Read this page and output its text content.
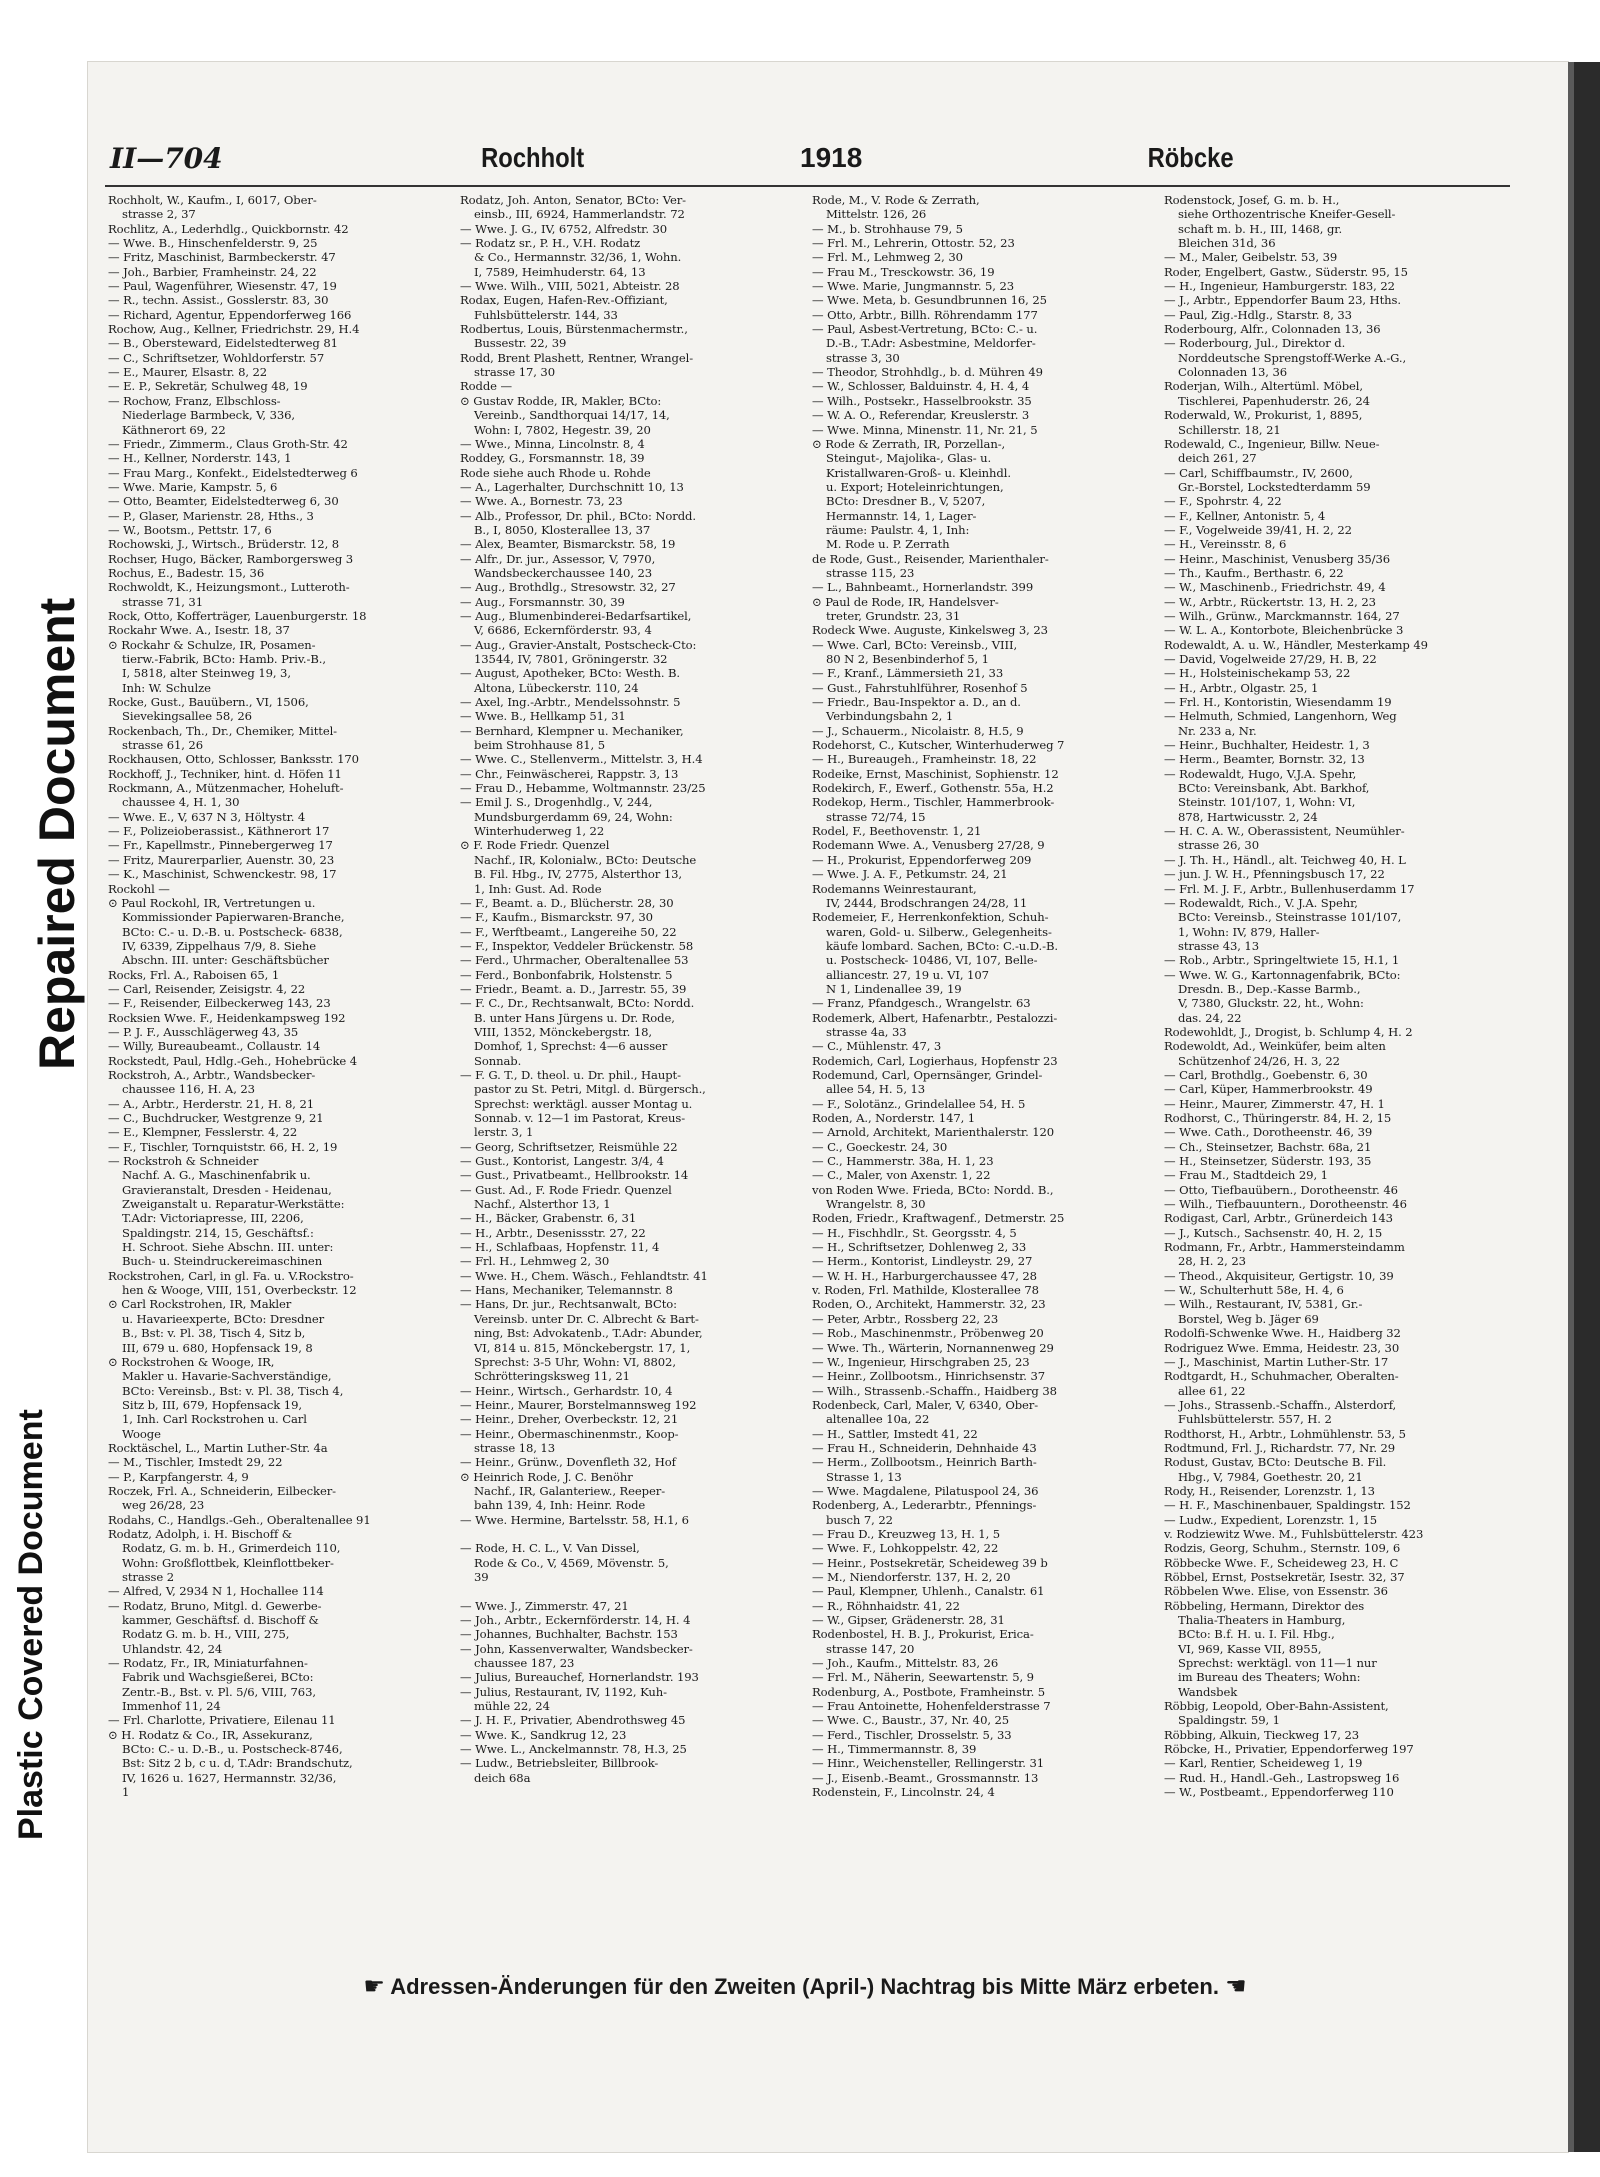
Repaired Document
Plastic Covered Document
II—704	Rochholt	1918	Röbcke

Rochholt, W., Kaufm., I, 6017, Ober-

strasse 2, 37

Rochlitz, A., Lederhdlg., Quickbornstr. 42

— Wwe. B., Hinschenfelderstr. 9, 25

— Fritz, Maschinist, Barmbeckerstr. 47

— Joh., Barbier, Framheinstr. 24, 22

— Paul, Wagenführer, Wiesenstr. 47, 19

— R., techn. Assist., Gosslerstr. 83, 30

— Richard, Agentur, Eppendorferweg 166

Rochow, Aug., Kellner, Friedrichstr. 29, H.4

— B., Obersteward, Eidelstedterweg 81

— C., Schriftsetzer, Wohldorferstr. 57

— E., Maurer, Elsastr. 8, 22

— E. P., Sekretär, Schulweg 48, 19

— Rochow, Franz, Elbschloss-

Niederlage Barmbeck, V, 336,

Käthnerort 69, 22

— Friedr., Zimmerm., Claus Groth-Str. 42

— H., Kellner, Norderstr. 143, 1

— Frau Marg., Konfekt., Eidelstedterweg 6

— Wwe. Marie, Kampstr. 5, 6

— Otto, Beamter, Eidelstedterweg 6, 30

— P., Glaser, Marienstr. 28, Hths., 3

— W., Bootsm., Pettstr. 17, 6

Rochowski, J., Wirtsch., Brüderstr. 12, 8

Rochser, Hugo, Bäcker, Ramborgersweg 3

Rochus, E., Badestr. 15, 36

Rochwoldt, K., Heizungsmont., Lutteroth-

strasse 71, 31

Rock, Otto, Kofferträger, Lauenburgerstr. 18

Rockahr Wwe. A., Isestr. 18, 37

⊙ Rockahr & Schulze, IR, Posamen-

tierw.-Fabrik, BCto: Hamb. Priv.-B.,

I, 5818, alter Steinweg 19, 3,

Inh: W. Schulze

Rocke, Gust., Bauübern., VI, 1506,

Sievekingsallee 58, 26

Rockenbach, Th., Dr., Chemiker, Mittel-

strasse 61, 26

Rockhausen, Otto, Schlosser, Banksstr. 170

Rockhoff, J., Techniker, hint. d. Höfen 11

Rockmann, A., Mützenmacher, Hoheluft-

chaussee 4, H. 1, 30

— Wwe. E., V, 637 N 3, Höltystr. 4

— F., Polizeioberassist., Käthnerort 17

— Fr., Kapellmstr., Pinnebergerweg 17

— Fritz, Maurerparlier, Auenstr. 30, 23

— K., Maschinist, Schwenckestr. 98, 17

Rockohl —

⊙ Paul Rockohl, IR, Vertretungen u.

Kommissionder Papierwaren-Branche,

BCto: C.- u. D.-B. u. Postscheck- 6838,

IV, 6339, Zippelhaus 7/9, 8. Siehe

Abschn. III. unter: Geschäftsbücher

Rocks, Frl. A., Raboisen 65, 1

— Carl, Reisender, Zeisigstr. 4, 22

— F., Reisender, Eilbeckerweg 143, 23

Rocksien Wwe. F., Heidenkampsweg 192

— P. J. F., Ausschlägerweg 43, 35

— Willy, Bureaubeamt., Collaustr. 14

Rockstedt, Paul, Hdlg.-Geh., Hohebrücke 4

Rockstroh, A., Arbtr., Wandsbecker-

chaussee 116, H. A, 23

— A., Arbtr., Herderstr. 21, H. 8, 21

— C., Buchdrucker, Westgrenze 9, 21

— E., Klempner, Fesslerstr. 4, 22

— F., Tischler, Tornquiststr. 66, H. 2, 19

— Rockstroh & Schneider

Nachf. A. G., Maschinenfabrik u.

Gravieranstalt, Dresden - Heidenau,

Zweiganstalt u. Reparatur-Werkstätte:

T.Adr: Victoriapresse, III, 2206,

Spaldingstr. 214, 15, Geschäftsf.:

H. Schroot. Siehe Abschn. III. unter:

Buch- u. Steindruckereimaschinen

Rockstrohen, Carl, in gl. Fa. u. V.Rockstro-

hen & Wooge, VIII, 151, Overbeckstr. 12

⊙ Carl Rockstrohen, IR, Makler

u. Havarieexperte, BCto: Dresdner

B., Bst: v. Pl. 38, Tisch 4, Sitz b,

III, 679 u. 680, Hopfensack 19, 8

⊙ Rockstrohen & Wooge, IR,

Makler u. Havarie-Sachverständige,

BCto: Vereinsb., Bst: v. Pl. 38, Tisch 4,

Sitz b, III, 679, Hopfensack 19,

1, Inh. Carl Rockstrohen u. Carl

Wooge

Rocktäschel, L., Martin Luther-Str. 4a

— M., Tischler, Imstedt 29, 22

— P., Karpfangerstr. 4, 9

Roczek, Frl. A., Schneiderin, Eilbecker-

weg 26/28, 23

Rodahs, C., Handlgs.-Geh., Oberaltenallee 91

Rodatz, Adolph, i. H. Bischoff &

Rodatz, G. m. b. H., Grimerdeich 110,

Wohn: Großflottbek, Kleinflottbeker-

strasse 2

— Alfred, V, 2934 N 1, Hochallee 114

— Rodatz, Bruno, Mitgl. d. Gewerbe-

kammer, Geschäftsf. d. Bischoff &

Rodatz G. m. b. H., VIII, 275,

Uhlandstr. 42, 24

— Rodatz, Fr., IR, Miniaturfahnen-

Fabrik und Wachsgießerei, BCto:

Zentr.-B., Bst. v. Pl. 5/6, VIII, 763,

Immenhof 11, 24

— Frl. Charlotte, Privatiere, Eilenau 11

⊙ H. Rodatz & Co., IR, Assekuranz,

BCto: C.- u. D.-B., u. Postscheck-8746,

Bst: Sitz 2 b, c u. d, T.Adr: Brandschutz,

IV, 1626 u. 1627, Hermannstr. 32/36,

1

Rodatz, Joh. Anton, Senator, BCto: Ver-

einsb., III, 6924, Hammerlandstr. 72

— Wwe. J. G., IV, 6752, Alfredstr. 30

— Rodatz sr., P. H., V.H. Rodatz

& Co., Hermannstr. 32/36, 1, Wohn.

I, 7589, Heimhuderstr. 64, 13

— Wwe. Wilh., VIII, 5021, Abteistr. 28

Rodax, Eugen, Hafen-Rev.-Offiziant,

Fuhlsbüttelerstr. 144, 33

Rodbertus, Louis, Bürstenmachermstr.,

Bussestr. 22, 39

Rodd, Brent Plashett, Rentner, Wrangel-

strasse 17, 30

Rodde —

⊙ Gustav Rodde, IR, Makler, BCto:

Vereinb., Sandthorquai 14/17, 14,

Wohn: I, 7802, Hegestr. 39, 20

— Wwe., Minna, Lincolnstr. 8, 4

Roddey, G., Forsmannstr. 18, 39

Rode siehe auch Rhode u. Rohde

— A., Lagerhalter, Durchschnitt 10, 13

— Wwe. A., Bornestr. 73, 23

— Alb., Professor, Dr. phil., BCto: Nordd.

B., I, 8050, Klosterallee 13, 37

— Alex, Beamter, Bismarckstr. 58, 19

— Alfr., Dr. jur., Assessor, V, 7970,

Wandsbeckerchaussee 140, 23

— Aug., Brothdlg., Stresowstr. 32, 27

— Aug., Forsmannstr. 30, 39

— Aug., Blumenbinderei-Bedarfsartikel,

V, 6686, Eckernförderstr. 93, 4

— Aug., Gravier-Anstalt, Postscheck-Cto:

13544, IV, 7801, Gröningerstr. 32

— August, Apotheker, BCto: Westh. B.

Altona, Lübeckerstr. 110, 24

— Axel, Ing.-Arbtr., Mendelssohnstr. 5

— Wwe. B., Hellkamp 51, 31

— Bernhard, Klempner u. Mechaniker,

beim Strohhause 81, 5

— Wwe. C., Stellenverm., Mittelstr. 3, H.4

— Chr., Feinwäscherei, Rappstr. 3, 13

— Frau D., Hebamme, Woltmannstr. 23/25

— Emil J. S., Drogenhdlg., V, 244,

Mundsburgerdamm 69, 24, Wohn:

Winterhuderweg 1, 22

⊙ F. Rode Friedr. Quenzel

Nachf., IR, Kolonialw., BCto: Deutsche

B. Fil. Hbg., IV, 2775, Alsterthor 13,

1, Inh: Gust. Ad. Rode

— F., Beamt. a. D., Blücherstr. 28, 30

— F., Kaufm., Bismarckstr. 97, 30

— F., Werftbeamt., Langereihe 50, 22

— F., Inspektor, Veddeler Brückenstr. 58

— Ferd., Uhrmacher, Oberaltenallee 53

— Ferd., Bonbonfabrik, Holstenstr. 5

— Friedr., Beamt. a. D., Jarrestr. 55, 39

— F. C., Dr., Rechtsanwalt, BCto: Nordd.

B. unter Hans Jürgens u. Dr. Rode,

VIII, 1352, Mönckebergstr. 18,

Domhof, 1, Sprechst: 4—6 ausser

Sonnab.

— F. G. T., D. theol. u. Dr. phil., Haupt-

pastor zu St. Petri, Mitgl. d. Bürgersch.,

Sprechst: werktägl. ausser Montag u.

Sonnab. v. 12—1 im Pastorat, Kreus-

lerstr. 3, 1

— Georg, Schriftsetzer, Reismühle 22

— Gust., Kontorist, Langestr. 3/4, 4

— Gust., Privatbeamt., Hellbrookstr. 14

— Gust. Ad., F. Rode Friedr. Quenzel

Nachf., Alsterthor 13, 1

— H., Bäcker, Grabenstr. 6, 31

— H., Arbtr., Desenissstr. 27, 22

— H., Schlafbaas, Hopfenstr. 11, 4

— Frl. H., Lehmweg 2, 30

— Wwe. H., Chem. Wäsch., Fehlandtstr. 41

— Hans, Mechaniker, Telemannstr. 8

— Hans, Dr. jur., Rechtsanwalt, BCto:

Vereinsb. unter Dr. C. Albrecht & Bart-

ning, Bst: Advokatenb., T.Adr: Abunder,

VI, 814 u. 815, Mönckebergstr. 17, 1,

Sprechst: 3-5 Uhr, Wohn: VI, 8802,

Schrötteringsksweg 11, 21

— Heinr., Wirtsch., Gerhardstr. 10, 4

— Heinr., Maurer, Borstelmannsweg 192

— Heinr., Dreher, Overbeckstr. 12, 21

— Heinr., Obermaschinenmstr., Koop-

strasse 18, 13

— Heinr., Grünw., Dovenfleth 32, Hof

⊙ Heinrich Rode, J. C. Benöhr

Nachf., IR, Galanteriew., Reeper-

bahn 139, 4, Inh: Heinr. Rode

— Wwe. Hermine, Bartelsstr. 58, H.1, 6

— Rode, H. C. L., V. Van Dissel,

Rode & Co., V, 4569, Mövenstr. 5,

39

— Wwe. J., Zimmerstr. 47, 21

— Joh., Arbtr., Eckernförderstr. 14, H. 4

— Johannes, Buchhalter, Bachstr. 153

— John, Kassenverwalter, Wandsbecker-

chaussee 187, 23

— Julius, Bureauchef, Hornerlandstr. 193

— Julius, Restaurant, IV, 1192, Kuh-

mühle 22, 24

— J. H. F., Privatier, Abendrothsweg 45

— Wwe. K., Sandkrug 12, 23

— Wwe. L., Anckelmannstr. 78, H.3, 25

— Ludw., Betriebsleiter, Billbrook-

deich 68a

Rode, M., V. Rode & Zerrath,

Mittelstr. 126, 26

— M., b. Strohhause 79, 5

— Frl. M., Lehrerin, Ottostr. 52, 23

— Frl. M., Lehmweg 2, 30

— Frau M., Tresckowstr. 36, 19

— Wwe. Marie, Jungmannstr. 5, 23

— Wwe. Meta, b. Gesundbrunnen 16, 25

— Otto, Arbtr., Billh. Röhrendamm 177

— Paul, Asbest-Vertretung, BCto: C.- u.

D.-B., T.Adr: Asbestmine, Meldorfer-

strasse 3, 30

— Theodor, Strohhdlg., b. d. Mühren 49

— W., Schlosser, Balduinstr. 4, H. 4, 4

— Wilh., Postsekr., Hasselbrookstr. 35

— W. A. O., Referendar, Kreuslerstr. 3

— Wwe. Minna, Minenstr. 11, Nr. 21, 5

⊙ Rode & Zerrath, IR, Porzellan-,

Steingut-, Majolika-, Glas- u.

Kristallwaren-Groß- u. Kleinhdl.

u. Export; Hoteleinrichtungen,

BCto: Dresdner B., V, 5207,

Hermannstr. 14, 1, Lager-

räume: Paulstr. 4, 1, Inh:

M. Rode u. P. Zerrath

de Rode, Gust., Reisender, Marienthaler-

strasse 115, 23

— L., Bahnbeamt., Hornerlandstr. 399

⊙ Paul de Rode, IR, Handelsver-

treter, Grundstr. 23, 31

Rodeck Wwe. Auguste, Kinkelsweg 3, 23

— Wwe. Carl, BCto: Vereinsb., VIII,

80 N 2, Besenbinderhof 5, 1

— F., Kranf., Lämmersieth 21, 33

— Gust., Fahrstuhlführer, Rosenhof 5

— Friedr., Bau-Inspektor a. D., an d.

Verbindungsbahn 2, 1

— J., Schauerm., Nicolaistr. 8, H.5, 9

Rodehorst, C., Kutscher, Winterhuderweg 7

— H., Bureaugeh., Framheinstr. 18, 22

Rodeike, Ernst, Maschinist, Sophienstr. 12

Rodekirch, F., Ewerf., Gothenstr. 55a, H.2

Rodekop, Herm., Tischler, Hammerbrook-

strasse 72/74, 15

Rodel, F., Beethovenstr. 1, 21

Rodemann Wwe. A., Venusberg 27/28, 9

— H., Prokurist, Eppendorferweg 209

— Wwe. J. A. F., Petkumstr. 24, 21

Rodemanns Weinrestaurant,

IV, 2444, Brodschrangen 24/28, 11

Rodemeier, F., Herrenkonfektion, Schuh-

waren, Gold- u. Silberw., Gelegenheits-

käufe lombard. Sachen, BCto: C.-u.D.-B.

u. Postscheck- 10486, VI, 107, Belle-

alliancestr. 27, 19 u. VI, 107

N 1, Lindenallee 39, 19

— Franz, Pfandgesch., Wrangelstr. 63

Rodemerk, Albert, Hafenarbtr., Pestalozzi-

strasse 4a, 33

— C., Mühlenstr. 47, 3

Rodemich, Carl, Logierhaus, Hopfenstr 23

Rodemund, Carl, Opernsänger, Grindel-

allee 54, H. 5, 13

— F., Solotänz., Grindelallee 54, H. 5

Roden, A., Norderstr. 147, 1

— Arnold, Architekt, Marienthalerstr. 120

— C., Goeckestr. 24, 30

— C., Hammerstr. 38a, H. 1, 23

— C., Maler, von Axenstr. 1, 22

von Roden Wwe. Frieda, BCto: Nordd. B.,

Wrangelstr. 8, 30

Roden, Friedr., Kraftwagenf., Detmerstr. 25

— H., Fischhdlr., St. Georgsstr. 4, 5

— H., Schriftsetzer, Dohlenweg 2, 33

— Herm., Kontorist, Lindleystr. 29, 27

— W. H. H., Harburgerchaussee 47, 28

v. Roden, Frl. Mathilde, Klosterallee 78

Roden, O., Architekt, Hammerstr. 32, 23

— Peter, Arbtr., Rossberg 22, 23

— Rob., Maschinenmstr., Pröbenweg 20

— Wwe. Th., Wärterin, Nornannenweg 29

— W., Ingenieur, Hirschgraben 25, 23

— Heinr., Zollbootsm., Hinrichsenstr. 37

— Wilh., Strassenb.-Schaffn., Haidberg 38

Rodenbeck, Carl, Maler, V, 6340, Ober-

altenallee 10a, 22

— H., Sattler, Imstedt 41, 22

— Frau H., Schneiderin, Dehnhaide 43

— Herm., Zollbootsm., Heinrich Barth-

Strasse 1, 13

— Wwe. Magdalene, Pilatuspool 24, 36

Rodenberg, A., Lederarbtr., Pfennings-

busch 7, 22

— Frau D., Kreuzweg 13, H. 1, 5

— Wwe. F., Lohkoppelstr. 42, 22

— Heinr., Postsekretär, Scheideweg 39 b

— M., Niendorferstr. 137, H. 2, 20

— Paul, Klempner, Uhlenh., Canalstr. 61

— R., Röhnhaidstr. 41, 22

— W., Gipser, Grädenerstr. 28, 31

Rodenbostel, H. B. J., Prokurist, Erica-

strasse 147, 20

— Joh., Kaufm., Mittelstr. 83, 26

— Frl. M., Näherin, Seewartenstr. 5, 9

Rodenburg, A., Postbote, Framheinstr. 5

— Frau Antoinette, Hohenfelderstrasse 7

— Wwe. C., Baustr., 37, Nr. 40, 25

— Ferd., Tischler, Drosselstr. 5, 33

— H., Timmermannstr. 8, 39

— Hinr., Weichensteller, Rellingerstr. 31

— J., Eisenb.-Beamt., Grossmannstr. 13

Rodenstein, F., Lincolnstr. 24, 4

Rodenstock, Josef, G. m. b. H.,

siehe Orthozentrische Kneifer-Gesell-

schaft m. b. H., III, 1468, gr.

Bleichen 31d, 36

— M., Maler, Geibelstr. 53, 39

Roder, Engelbert, Gastw., Süderstr. 95, 15

— H., Ingenieur, Hamburgerstr. 183, 22

— J., Arbtr., Eppendorfer Baum 23, Hths.

— Paul, Zig.-Hdlg., Starstr. 8, 33

Roderbourg, Alfr., Colonnaden 13, 36

— Roderbourg, Jul., Direktor d.

Norddeutsche Sprengstoff-Werke A.-G.,

Colonnaden 13, 36

Roderjan, Wilh., Altertüml. Möbel,

Tischlerei, Papenhuderstr. 26, 24

Roderwald, W., Prokurist, 1, 8895,

Schillerstr. 18, 21

Rodewald, C., Ingenieur, Billw. Neue-

deich 261, 27

— Carl, Schiffbaumstr., IV, 2600,

Gr.-Borstel, Lockstedterdamm 59

— F., Spohrstr. 4, 22

— F., Kellner, Antonistr. 5, 4

— F., Vogelweide 39/41, H. 2, 22

— H., Vereinsstr. 8, 6

— Heinr., Maschinist, Venusberg 35/36

— Th., Kaufm., Berthastr. 6, 22

— W., Maschinenb., Friedrichstr. 49, 4

— W., Arbtr., Rückertstr. 13, H. 2, 23

— Wilh., Grünw., Marckmannstr. 164, 27

— W. L. A., Kontorbote, Bleichenbrücke 3

Rodewaldt, A. u. W., Händler, Mesterkamp 49

— David, Vogelweide 27/29, H. B, 22

— H., Holsteinischekamp 53, 22

— H., Arbtr., Olgastr. 25, 1

— Frl. H., Kontoristin, Wiesendamm 19

— Helmuth, Schmied, Langenhorn, Weg

Nr. 233 a, Nr.

— Heinr., Buchhalter, Heidestr. 1, 3

— Herm., Beamter, Bornstr. 32, 13

— Rodewaldt, Hugo, V.J.A. Spehr,

BCto: Vereinsbank, Abt. Barkhof,

Steinstr. 101/107, 1, Wohn: VI,

878, Hartwicusstr. 2, 24

— H. C. A. W., Oberassistent, Neumühler-

strasse 26, 30

— J. Th. H., Händl., alt. Teichweg 40, H. L

— jun. J. W. H., Pfenningsbusch 17, 22

— Frl. M. J. F., Arbtr., Bullenhuserdamm 17

— Rodewaldt, Rich., V. J.A. Spehr,

BCto: Vereinsb., Steinstrasse 101/107,

1, Wohn: IV, 879, Haller-

strasse 43, 13

— Rob., Arbtr., Springeltwiete 15, H.1, 1

— Wwe. W. G., Kartonnagenfabrik, BCto:

Dresdn. B., Dep.-Kasse Barmb.,

V, 7380, Gluckstr. 22, ht., Wohn:

das. 24, 22

Rodewohldt, J., Drogist, b. Schlump 4, H. 2

Rodewoldt, Ad., Weinküfer, beim alten

Schützenhof 24/26, H. 3, 22

— Carl, Brothdlg., Goebenstr. 6, 30

— Carl, Küper, Hammerbrookstr. 49

— Heinr., Maurer, Zimmerstr. 47, H. 1

Rodhorst, C., Thüringerstr. 84, H. 2, 15

— Wwe. Cath., Dorotheenstr. 46, 39

— Ch., Steinsetzer, Bachstr. 68a, 21

— H., Steinsetzer, Süderstr. 193, 35

— Frau M., Stadtdeich 29, 1

— Otto, Tiefbauübern., Dorotheenstr. 46

— Wilh., Tiefbauuntern., Dorotheenstr. 46

Rodigast, Carl, Arbtr., Grünerdeich 143

— J., Kutsch., Sachsenstr. 40, H. 2, 15

Rodmann, Fr., Arbtr., Hammersteindamm

28, H. 2, 23

— Theod., Akquisiteur, Gertigstr. 10, 39

— W., Schulterhutt 58e, H. 4, 6

— Wilh., Restaurant, IV, 5381, Gr.-

Borstel, Weg b. Jäger 69

Rodolfi-Schwenke Wwe. H., Haidberg 32

Rodriguez Wwe. Emma, Heidestr. 23, 30

— J., Maschinist, Martin Luther-Str. 17

Rodtgardt, H., Schuhmacher, Oberalten-

allee 61, 22

— Johs., Strassenb.-Schaffn., Alsterdorf,

Fuhlsbüttelerstr. 557, H. 2

Rodthorst, H., Arbtr., Lohmühlenstr. 53, 5

Rodtmund, Frl. J., Richardstr. 77, Nr. 29

Rodust, Gustav, BCto: Deutsche B. Fil.

Hbg., V, 7984, Goethestr. 20, 21

Rody, H., Reisender, Lorenzstr. 1, 13

— H. F., Maschinenbauer, Spaldingstr. 152

— Ludw., Expedient, Lorenzstr. 1, 15

v. Rodziewitz Wwe. M., Fuhlsbüttelerstr. 423

Rodzis, Georg, Schuhm., Sternstr. 109, 6

Röbbecke Wwe. F., Scheideweg 23, H. C

Röbbel, Ernst, Postsekretär, Isestr. 32, 37

Röbbelen Wwe. Elise, von Essenstr. 36

Röbbeling, Hermann, Direktor des

Thalia-Theaters in Hamburg,

BCto: B.f. H. u. I. Fil. Hbg.,

VI, 969, Kasse VII, 8955,

Sprechst: werktägl. von 11—1 nur

im Bureau des Theaters; Wohn:

Wandsbek

Röbbig, Leopold, Ober-Bahn-Assistent,

Spaldingstr. 59, 1

Röbbing, Alkuin, Tieckweg 17, 23

Röbcke, H., Privatier, Eppendorferweg 197

— Karl, Rentier, Scheideweg 1, 19

— Rud. H., Handl.-Geh., Lastropsweg 16

— W., Postbeamt., Eppendorferweg 110

☛ Adressen-Änderungen für den Zweiten (April-) Nachtrag bis Mitte März erbeten. ☚
